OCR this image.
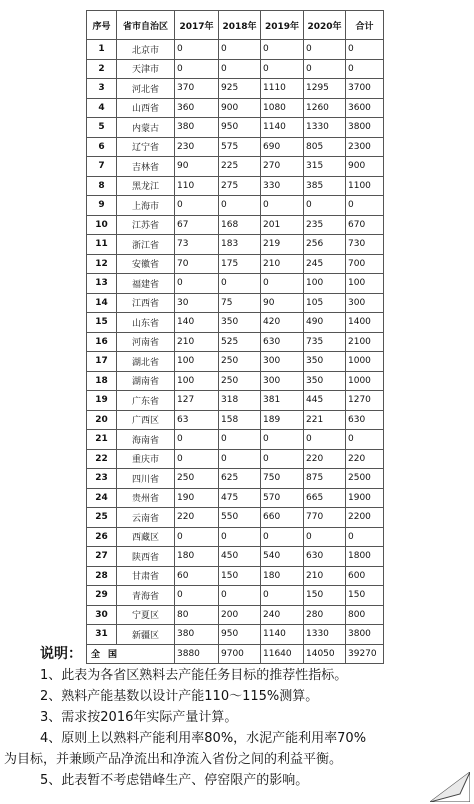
序号	省市自治区	2017年	2018年	2019年	2020年	合计
1	北京市	0	0	0	0	0
2	天津市	0	0	0	0	0
3	河北省	370	925	1110	1295	3700
4	山西省	360	900	1080	1260	3600
5	内蒙古	380	950	1140	1330	3800
6	辽宁省	230	575	690	805	2300
7	吉林省	90	225	270	315	900
8	黑龙江	110	275	330	385	1100
9	上海市	0	0	0	0	0
10	江苏省	67	168	201	235	670
11	浙江省	73	183	219	256	730
12	安徽省	70	175	210	245	700
13	福建省	0	0	0	100	100
14	江西省	30	75	90	105	300
15	山东省	140	350	420	490	1400
16	河南省	210	525	630	735	2100
17	湖北省	100	250	300	350	1000
18	湖南省	100	250	300	350	1000
19	广东省	127	318	381	445	1270
20	广西区	63	158	189	221	630
21	海南省	0	0	0	0	0
22	重庆市	0	0	0	220	220
23	四川省	250	625	750	875	2500
24	贵州省	190	475	570	665	1900
25	云南省	220	550	660	770	2200
26	西藏区	0	0	0	0	0
27	陕西省	180	450	540	630	1800
28	甘肃省	60	150	180	210	600
29	青海省	0	0	0	150	150
30	宁夏区	80	200	240	280	800
31	新疆区	380	950	1140	1330	3800
全国		3880	9700	11640	14050	39270
说明：
1、此表为各省区熟料去产能任务目标的推荐性指标。
2、熟料产能基数以设计产能110～115%测算。
3、需求按2016年实际产量计算。
4、原则上以熟料产能利用率80%，水泥产能利用率70%
为目标，并兼顾产品净流出和净流入省份之间的利益平衡。
5、此表暂不考虑错峰生产、停窑限产的影响。
